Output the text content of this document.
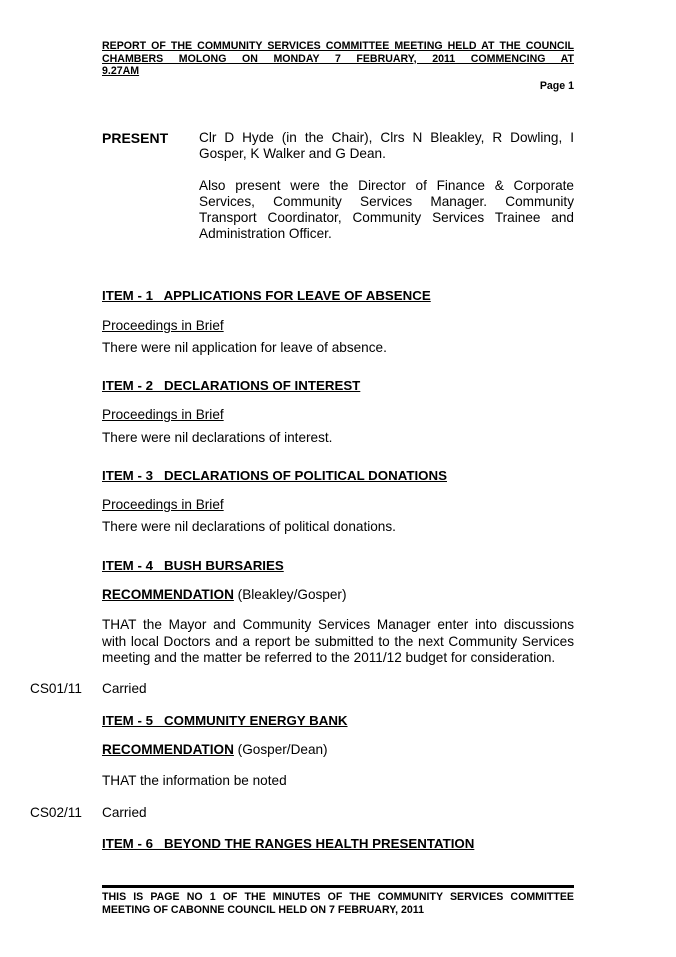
REPORT OF THE COMMUNITY SERVICES COMMITTEE MEETING HELD AT THE COUNCIL CHAMBERS MOLONG ON MONDAY 7 FEBRUARY, 2011 COMMENCING AT
9.27AM
Page 1
PRESENT Clr D Hyde (in the Chair), Clrs N Bleakley, R Dowling, I Gosper, K Walker and G Dean.
Also present were the Director of Finance & Corporate Services, Community Services Manager. Community Transport Coordinator, Community Services Trainee and Administration Officer.
ITEM - 1   APPLICATIONS FOR LEAVE OF ABSENCE
Proceedings in Brief
There were nil application for leave of absence.
ITEM - 2   DECLARATIONS OF INTEREST
Proceedings in Brief
There were nil declarations of interest.
ITEM - 3   DECLARATIONS OF POLITICAL DONATIONS
Proceedings in Brief
There were nil declarations of political donations.
ITEM - 4   BUSH BURSARIES
RECOMMENDATION (Bleakley/Gosper)
THAT the Mayor and Community Services Manager enter into discussions with local Doctors and a report be submitted to the next Community Services meeting and the matter be referred to the 2011/12 budget for consideration.
CS01/11 Carried
ITEM - 5   COMMUNITY ENERGY BANK
RECOMMENDATION (Gosper/Dean)
THAT the information be noted
CS02/11 Carried
ITEM - 6   BEYOND THE RANGES HEALTH PRESENTATION
THIS IS PAGE NO 1 OF THE MINUTES OF THE COMMUNITY SERVICES COMMITTEE
MEETING OF CABONNE COUNCIL HELD ON 7 FEBRUARY, 2011
